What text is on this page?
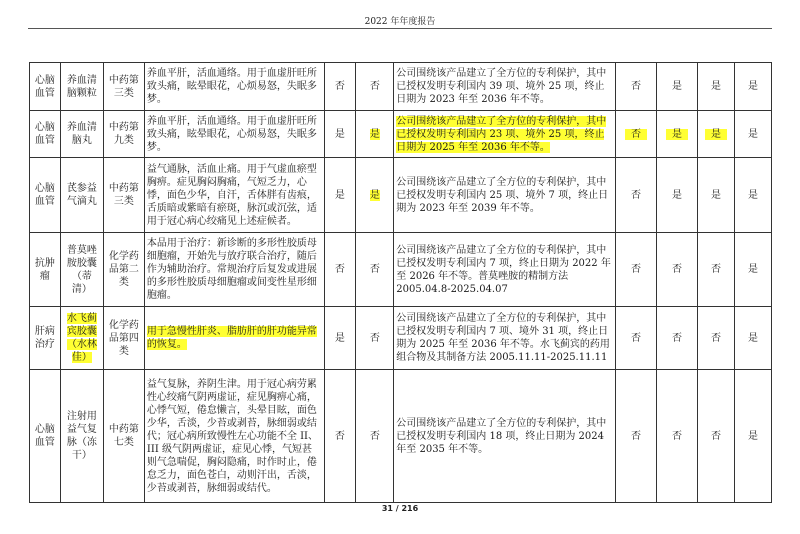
2022 年年度报告

心脑
血管	养血清
脑颗粒	中药第
三类	养血平肝，活血通络。用于血虚肝旺所致头痛，眩晕眼花，心烦易怒，失眠多梦。	否	否	公司围绕该产品建立了全方位的专利保护，其中已授权发明专利国内 39 项、境外 25 项，终止日期为 2023 年至 2036 年不等。	否	是	是	是
心脑
血管	养血清
脑丸	中药第
九类	养血平肝，活血通络。用于血虚肝旺所致头痛，眩晕眼花，心烦易怒，失眠多梦。	是	是	公司围绕该产品建立了全方位的专利保护，其中已授权发明专利国内 23 项、境外 25 项，终止日期为 2025 年至 2036 年不等。	否	是	是	是
心脑
血管	芪参益
气滴丸	中药第
三类	益气通脉，活血止痛。用于气虚血瘀型胸痹。症见胸闷胸痛，气短乏力，心悸，面色少华，自汗，舌体胖有齿痕，舌质暗或紫暗有瘀斑，脉沉或沉弦，适用于冠心病心绞痛见上述症候者。	是	是	公司围绕该产品建立了全方位的专利保护，其中已授权发明专利国内 25 项、境外 7 项，终止日期为 2023 年至 2039 年不等。	否	是	是	是
抗肿
瘤	普莫唑
胺胶囊
（蒂
清）	化学药
品第二
类	本品用于治疗：新诊断的多形性胶质母细胞瘤，开始先与放疗联合治疗，随后作为辅助治疗。常规治疗后复发或进展的多形性胶质母细胞瘤或间变性星形细胞瘤。	否	否	公司围绕该产品建立了全方位的专利保护，其中已授权发明专利国内 7 项，终止日期为 2022 年至 2026 年不等。普莫唑胺的精制方法 2005.04.8-2025.04.07	否	否	否	是
肝病
治疗	水飞蓟
宾胶囊
（水林
佳）	化学药
品第四
类	用于急慢性肝炎、脂肪肝的肝功能异常的恢复。	是	否	公司围绕该产品建立了全方位的专利保护，其中已授权发明专利国内 7 项、境外 31 项，终止日期为 2025 年至 2036 年不等。水飞蓟宾的药用组合物及其制备方法 2005.11.11-2025.11.11	否	否	否	是
心脑
血管	注射用
益气复
脉（冻
干）	中药第
七类	益气复脉，养阴生津。用于冠心病劳累性心绞痛气阴两虚证，症见胸痹心痛，心悸气短，倦怠懒言，头晕目眩，面色少华，舌淡，少苔或剥苔，脉细弱或结代；冠心病所致慢性左心功能不全 II、III 级气阴两虚证，症见心悸，气短甚则气急喘促，胸闷隐痛，时作时止，倦怠乏力，面色苍白，动则汗出，舌淡，少苔或剥苔，脉细弱或结代。	否	否	公司围绕该产品建立了全方位的专利保护，其中已授权发明专利国内 18 项，终止日期为 2024 年至 2035 年不等。	否	否	否	是
31 / 216
